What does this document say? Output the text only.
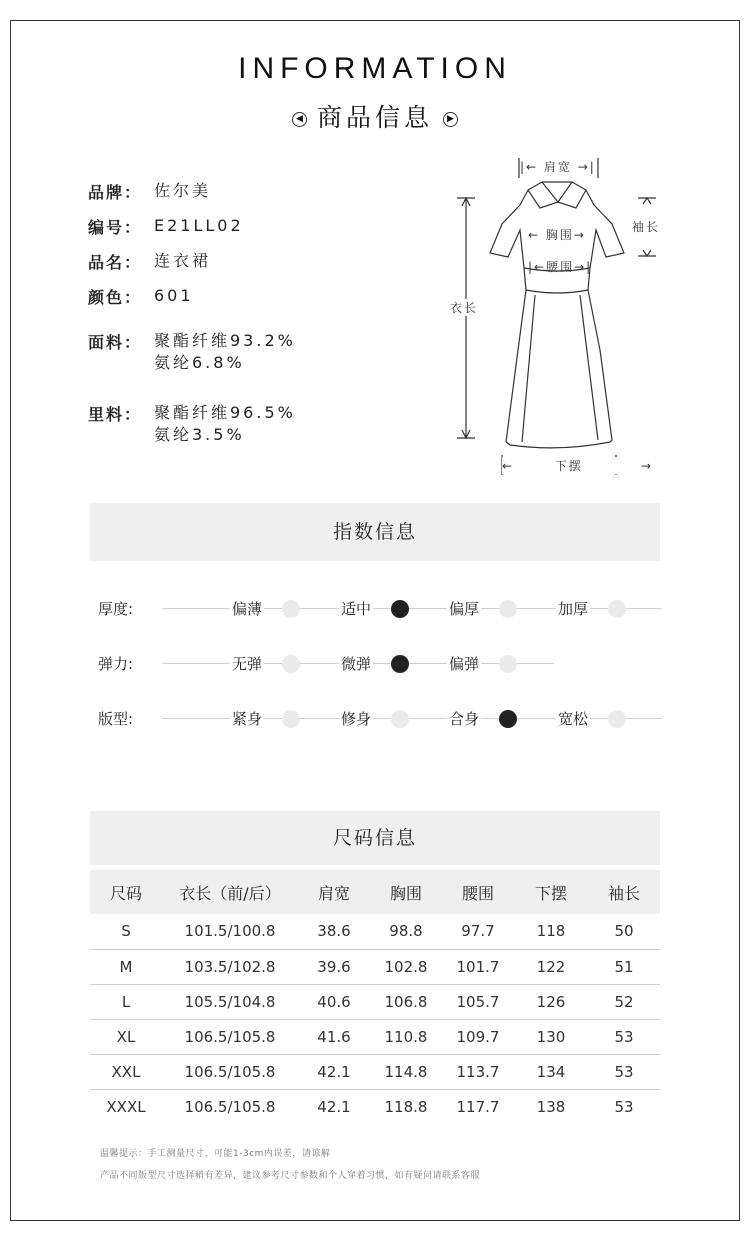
INFORMATION
◀ 商品信息 ▶
品牌： 佐尔美
编号： E21LL02
品名： 连衣裙
颜色： 601
面料： 聚酯纤维93.2%
氨纶6.8%
里料： 聚酯纤维96.5%
氨纶3.5%
|← 肩宽 →|
袖长
← 胸围→
|←腰围→|
衣长
←       下摆          →
指数信息
厚度:	偏薄	适中	偏厚	加厚
弹力:	无弹	微弹	偏弹
版型:	紧身	修身	合身	宽松
尺码信息
尺码	衣长（前/后）	肩宽	胸围	腰围	下摆	袖长
S	101.5/100.8	38.6	98.8	97.7	118	50
M	103.5/102.8	39.6	102.8	101.7	122	51
L	105.5/104.8	40.6	106.8	105.7	126	52
XL	106.5/105.8	41.6	110.8	109.7	130	53
XXL	106.5/105.8	42.1	114.8	113.7	134	53
XXXL	106.5/105.8	42.1	118.8	117.7	138	53
温馨提示：手工测量尺寸，可能1-3cm内误差，请谅解
产品不同版型尺寸选择稍有差异，建议参考尺寸参数和个人穿着习惯，如有疑问请联系客服
